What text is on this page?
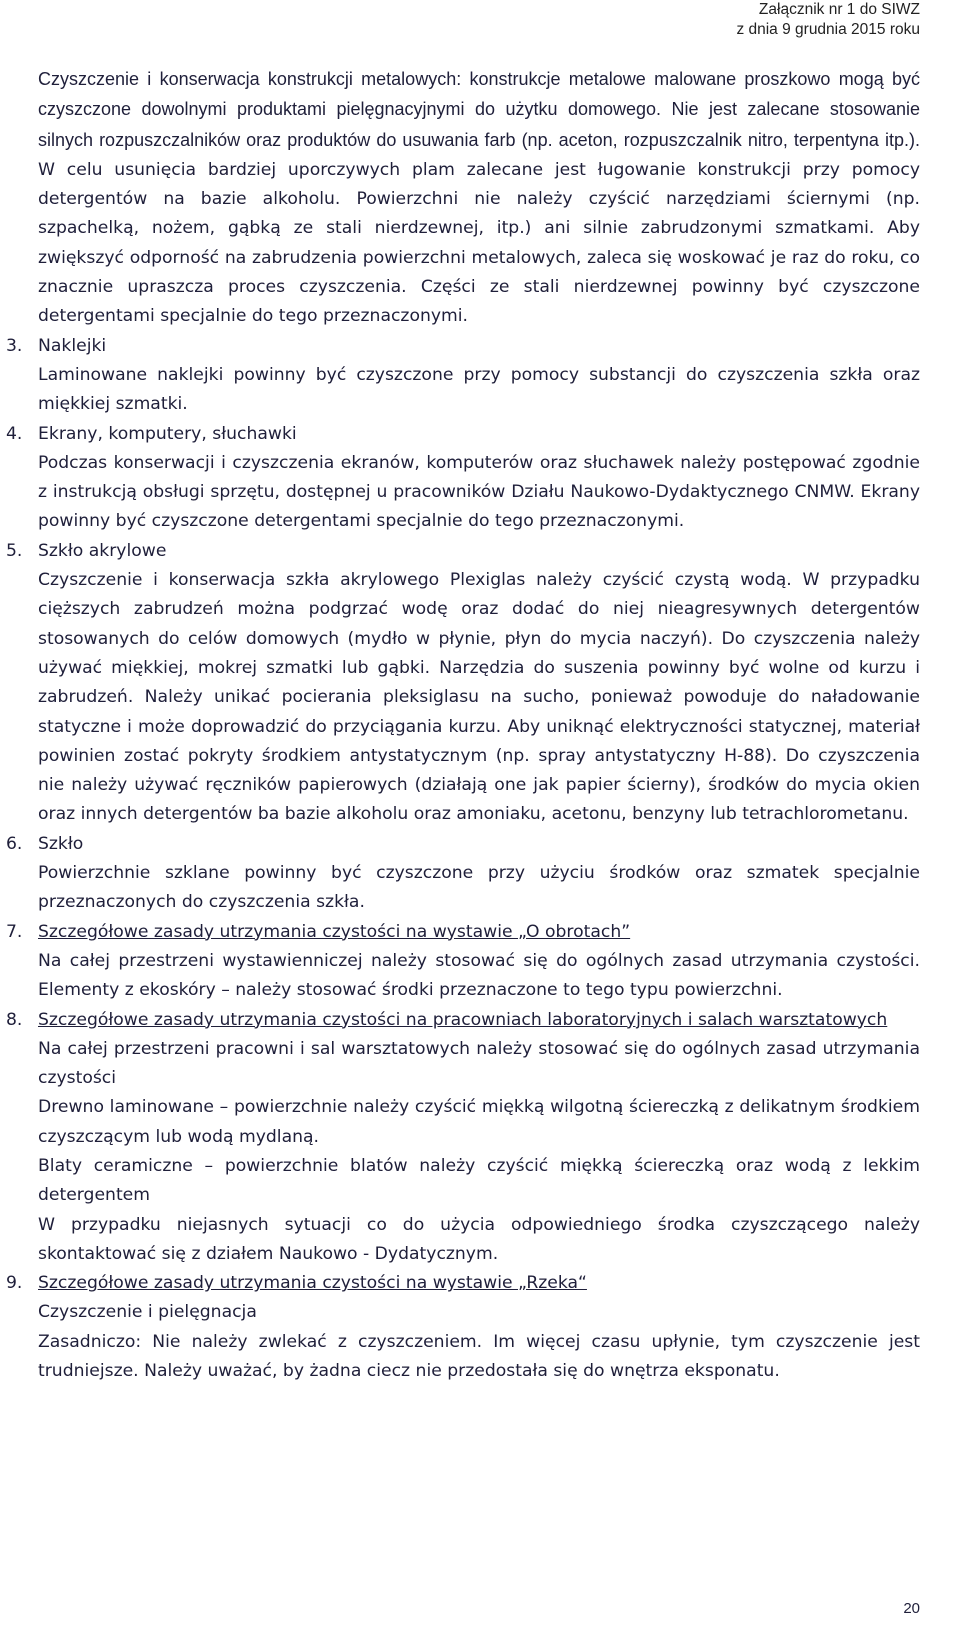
Załącznik nr 1 do SIWZ
z dnia 9 grudnia 2015 roku

Czyszczenie i konserwacja konstrukcji metalowych: konstrukcje metalowe malowane proszkowo mogą być czyszczone dowolnymi produktami pielęgnacyjnymi do użytku domowego. Nie jest zalecane stosowanie silnych rozpuszczalników oraz produktów do usuwania farb (np. aceton, rozpuszczalnik nitro, terpentyna itp.). W celu usunięcia bardziej uporczywych plam zalecane jest ługowanie konstrukcji przy pomocy detergentów na bazie alkoholu. Powierzchni nie należy czyścić narzędziami ściernymi (np. szpachelką, nożem, gąbką ze stali nierdzewnej, itp.) ani silnie zabrudzonymi szmatkami. Aby zwiększyć odporność na zabrudzenia powierzchni metalowych, zaleca się woskować je raz do roku, co znacznie upraszcza proces czyszczenia. Części ze stali nierdzewnej powinny być czyszczone detergentami specjalnie do tego przeznaczonymi.

3. Naklejki

Laminowane naklejki powinny być czyszczone przy pomocy substancji do czyszczenia szkła oraz miękkiej szmatki.

4. Ekrany, komputery, słuchawki

Podczas konserwacji i czyszczenia ekranów, komputerów oraz słuchawek należy postępować zgodnie z instrukcją obsługi sprzętu, dostępnej u pracowników Działu Naukowo-Dydaktycznego CNMW. Ekrany powinny być czyszczone detergentami specjalnie do tego przeznaczonymi.

5. Szkło akrylowe

Czyszczenie i konserwacja szkła akrylowego Plexiglas należy czyścić czystą wodą. W przypadku cięższych zabrudzeń można podgrzać wodę oraz dodać do niej nieagresywnych detergentów stosowanych do celów domowych (mydło w płynie, płyn do mycia naczyń). Do czyszczenia należy używać miękkiej, mokrej szmatki lub gąbki. Narzędzia do suszenia powinny być wolne od kurzu i zabrudzeń. Należy unikać pocierania pleksiglasu na sucho, ponieważ powoduje do naładowanie statyczne i może doprowadzić do przyciągania kurzu. Aby uniknąć elektryczności statycznej, materiał powinien zostać pokryty środkiem antystatycznym (np. spray antystatyczny H-88). Do czyszczenia nie należy używać ręczników papierowych (działają one jak papier ścierny), środków do mycia okien oraz innych detergentów ba bazie alkoholu oraz amoniaku, acetonu, benzyny lub tetrachlorometanu.

6. Szkło

Powierzchnie szklane powinny być czyszczone przy użyciu środków oraz szmatek specjalnie przeznaczonych do czyszczenia szkła.

7. Szczegółowe zasady utrzymania czystości na wystawie „O obrotach”

Na całej przestrzeni wystawienniczej należy stosować się do ogólnych zasad utrzymania czystości. Elementy z ekoskóry – należy stosować środki przeznaczone to tego typu powierzchni.

8. Szczegółowe zasady utrzymania czystości na pracowniach laboratoryjnych i salach warsztatowych

Na całej przestrzeni pracowni i sal warsztatowych należy stosować się do ogólnych zasad utrzymania czystości

Drewno laminowane – powierzchnie należy czyścić miękką wilgotną ściereczką z delikatnym środkiem czyszczącym lub wodą mydlaną.

Blaty ceramiczne – powierzchnie blatów należy czyścić miękką ściereczką oraz wodą z lekkim detergentem

W przypadku niejasnych sytuacji co do użycia odpowiedniego środka czyszczącego należy skontaktować się z działem Naukowo - Dydatycznym.

9. Szczegółowe zasady utrzymania czystości na wystawie „Rzeka“

Czyszczenie i pielęgnacja

Zasadniczo: Nie należy zwlekać z czyszczeniem. Im więcej czasu upłynie, tym czyszczenie jest trudniejsze. Należy uważać, by żadna ciecz nie przedostała się do wnętrza eksponatu.

20
